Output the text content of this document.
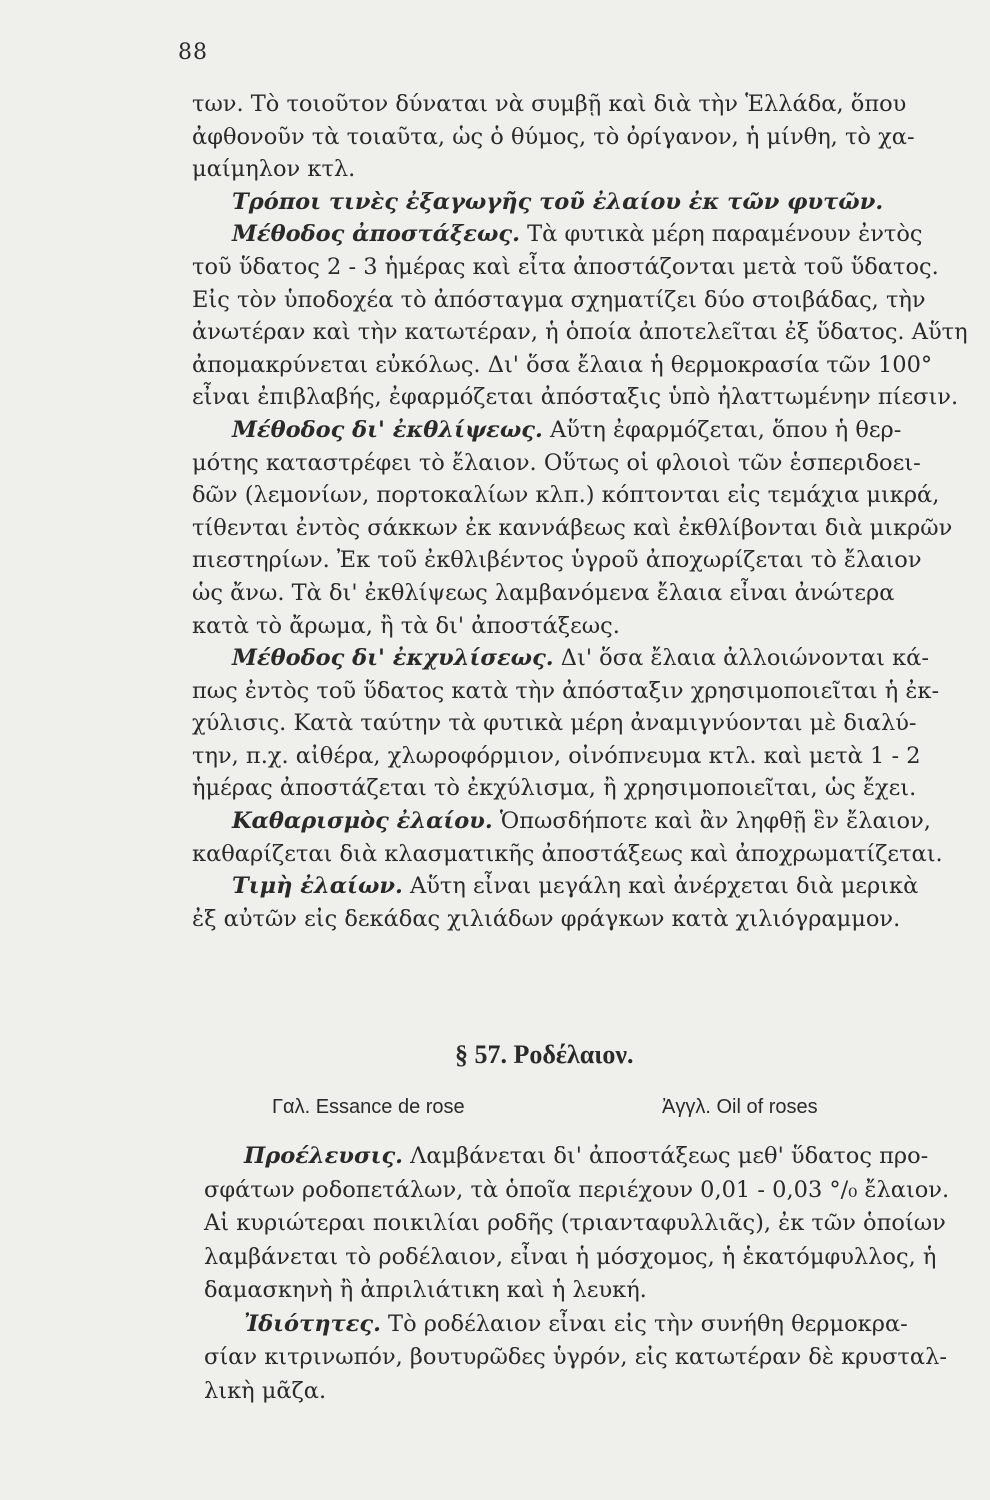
88
των. Τὸ τοιοῦτον δύναται νὰ συμβῇ καὶ διὰ τὴν Ἑλλάδα, ὅπου
ἀφθονοῦν τὰ τοιαῦτα, ὡς ὁ θύμος, τὸ ὀρίγανον, ἡ μίνθη, τὸ χα-
μαίμηλον κτλ.
Τρόποι τινὲς ἐξαγωγῆς τοῦ ἐλαίου ἐκ τῶν φυτῶν.
Μέθοδος ἀποστάξεως. Τὰ φυτικὰ μέρη παραμένουν ἐντὸς
τοῦ ὕδατος 2 - 3 ἡμέρας καὶ εἶτα ἀποστάζονται μετὰ τοῦ ὕδατος.
Εἰς τὸν ὑποδοχέα τὸ ἀπόσταγμα σχηματίζει δύο στοιβάδας, τὴν
ἀνωτέραν καὶ τὴν κατωτέραν, ἡ ὁποία ἀποτελεῖται ἐξ ὕδατος. Αὕτη
ἀπομακρύνεται εὐκόλως. Δι' ὅσα ἔλαια ἡ θερμοκρασία τῶν 100°
εἶναι ἐπιβλαβής, ἐφαρμόζεται ἀπόσταξις ὑπὸ ἠλαττωμένην πίεσιν.
Μέθοδος δι' ἐκθλίψεως. Αὕτη ἐφαρμόζεται, ὅπου ἡ θερ-
μότης καταστρέφει τὸ ἔλαιον. Οὕτως οἱ φλοιοὶ τῶν ἑσπεριδοει-
δῶν (λεμονίων, πορτοκαλίων κλπ.) κόπτονται εἰς τεμάχια μικρά,
τίθενται ἐντὸς σάκκων ἐκ καννάβεως καὶ ἐκθλίβονται διὰ μικρῶν
πιεστηρίων. Ἐκ τοῦ ἐκθλιβέντος ὑγροῦ ἀποχωρίζεται τὸ ἔλαιον
ὡς ἄνω. Τὰ δι' ἐκθλίψεως λαμβανόμενα ἔλαια εἶναι ἀνώτερα
κατὰ τὸ ἄρωμα, ἢ τὰ δι' ἀποστάξεως.
Μέθοδος δι' ἐκχυλίσεως. Δι' ὅσα ἔλαια ἀλλοιώνονται κά-
πως ἐντὸς τοῦ ὕδατος κατὰ τὴν ἀπόσταξιν χρησιμοποιεῖται ἡ ἐκ-
χύλισις. Κατὰ ταύτην τὰ φυτικὰ μέρη ἀναμιγνύονται μὲ διαλύ-
την, π.χ. αἰθέρα, χλωροφόρμιον, οἰνόπνευμα κτλ. καὶ μετὰ 1 - 2
ἡμέρας ἀποστάζεται τὸ ἐκχύλισμα, ἢ χρησιμοποιεῖται, ὡς ἔχει.
Καθαρισμὸς ἐλαίου. Ὁπωσδήποτε καὶ ἂν ληφθῇ ἓν ἔλαιον,
καθαρίζεται διὰ κλασματικῆς ἀποστάξεως καὶ ἀποχρωματίζεται.
Τιμὴ ἐλαίων. Αὕτη εἶναι μεγάλη καὶ ἀνέρχεται διὰ μερικὰ
ἐξ αὐτῶν εἰς δεκάδας χιλιάδων φράγκων κατὰ χιλιόγραμμον.
§ 57. Ροδέλαιον.
Γαλ. Essance de rose	Ἀγγλ. Oil of roses
Προέλευσις. Λαμβάνεται δι' ἀποστάξεως μεθ' ὕδατος προ-
σφάτων ροδοπετάλων, τὰ ὁποῖα περιέχουν 0,01 - 0,03 °/₀ ἔλαιον.
Αἱ κυριώτεραι ποικιλίαι ροδῆς (τριανταφυλλιᾶς), ἐκ τῶν ὁποίων
λαμβάνεται τὸ ροδέλαιον, εἶναι ἡ μόσχομος, ἡ ἑκατόμφυλλος, ἡ
δαμασκηνὴ ἢ ἀπριλιάτικη καὶ ἡ λευκή.
Ἰδιότητες. Τὸ ροδέλαιον εἶναι εἰς τὴν συνήθη θερμοκρα-
σίαν κιτρινωπόν, βουτυρῶδες ὑγρόν, εἰς κατωτέραν δὲ κρυσταλ-
λικὴ μᾶζα.
